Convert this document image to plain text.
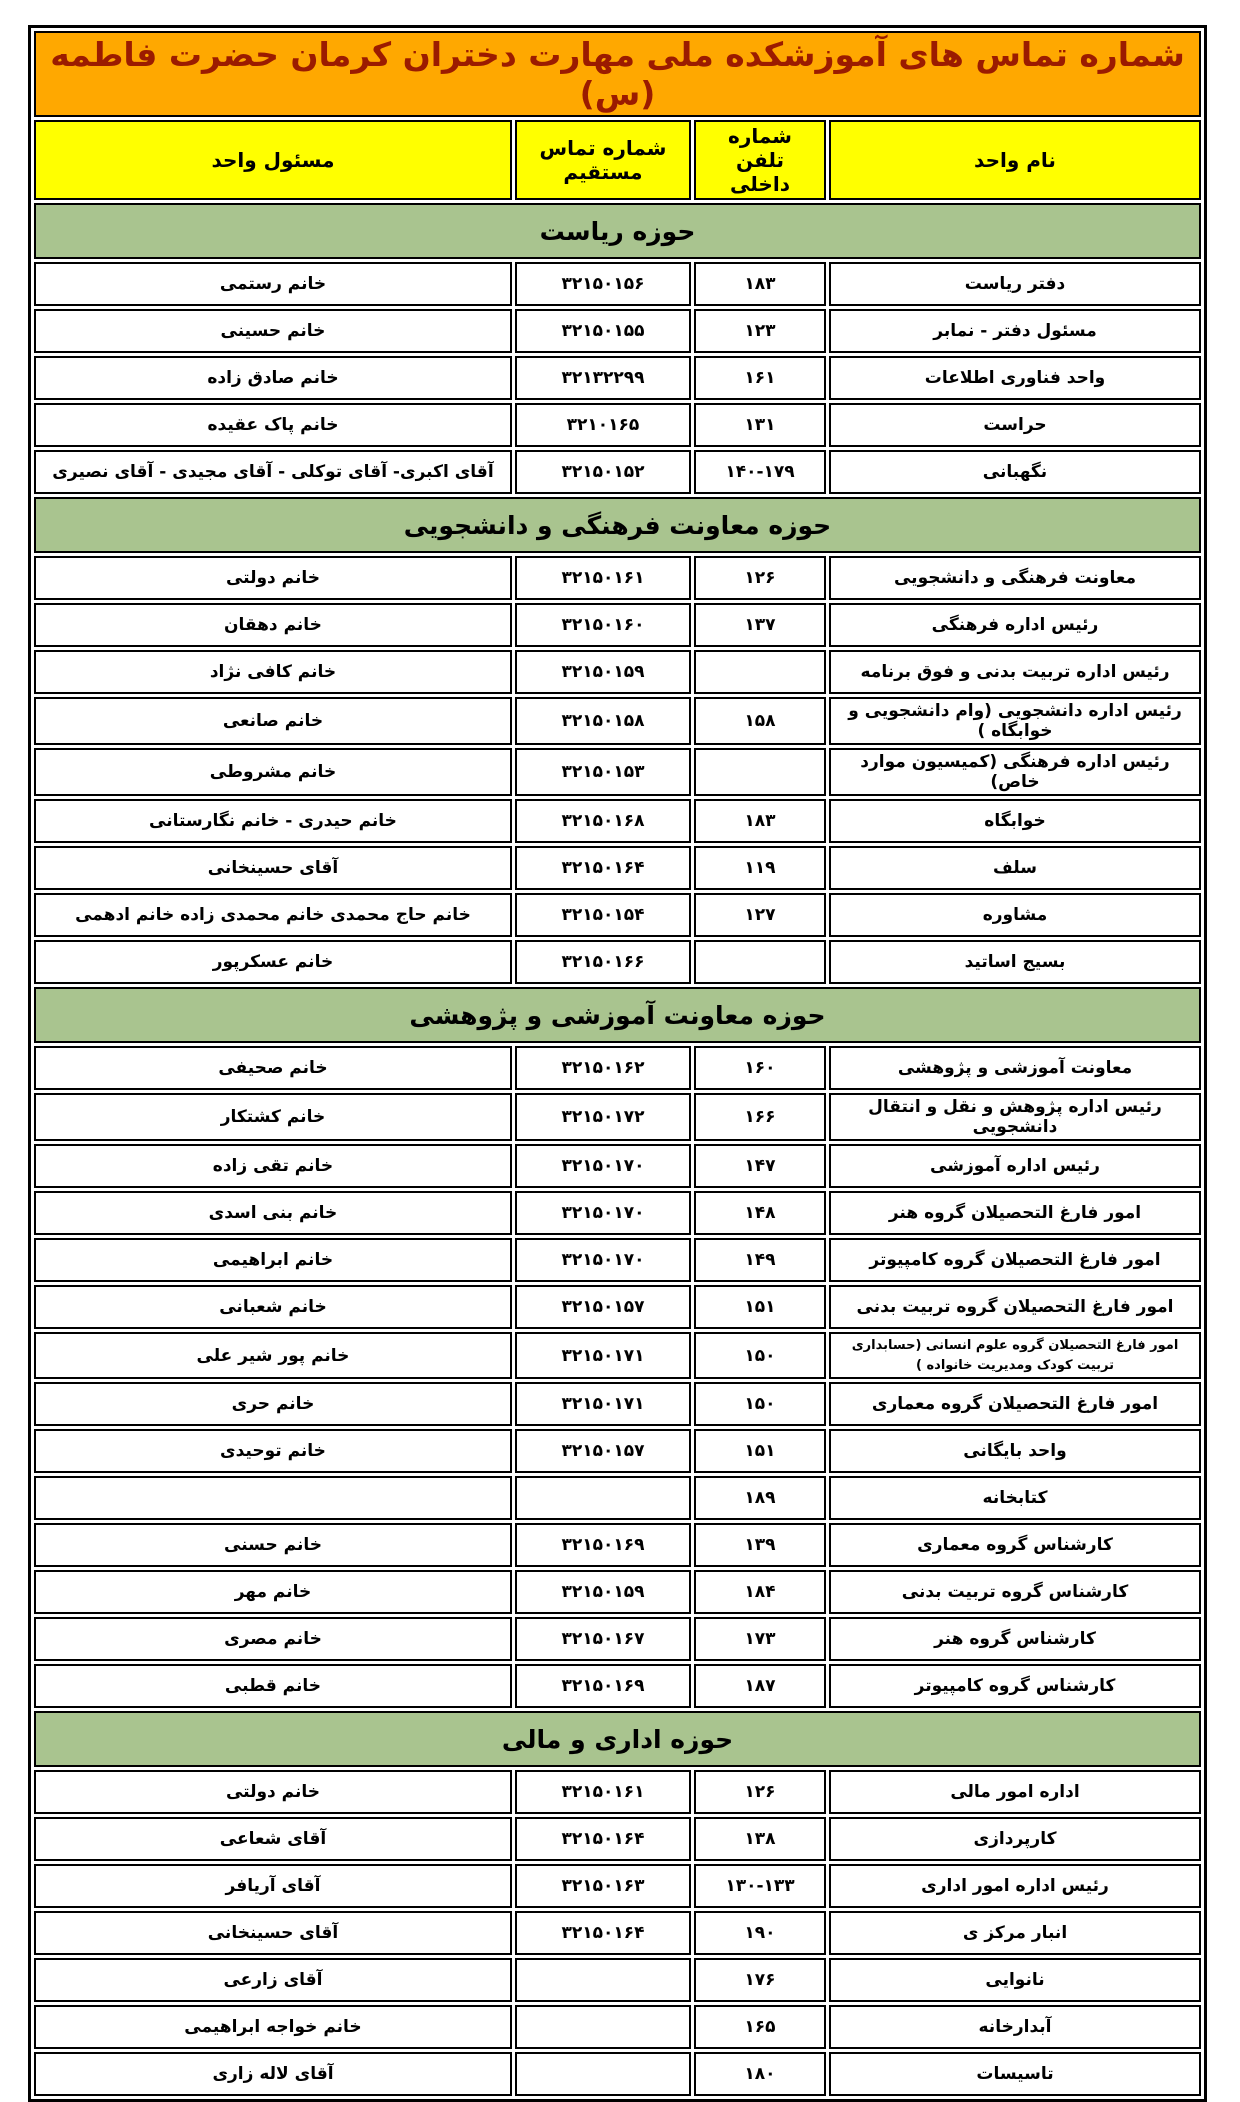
شماره تماس های آموزشکده ملی مهارت دختران کرمان حضرت فاطمه (س)			
نام واحد	شماره تلفن داخلی	شماره تماس مستقیم	مسئول واحد
حوزه ریاست			
دفتر ریاست	۱۸۳	۳۲۱۵۰۱۵۶	خانم رستمی
مسئول دفتر - نمابر	۱۲۳	۳۲۱۵۰۱۵۵	خانم حسینی
واحد فناوری اطلاعات	۱۶۱	۳۲۱۳۲۲۹۹	خانم صادق زاده
حراست	۱۳۱	۳۲۱۰۱۶۵	خانم پاک عقیده
نگهبانی	۱۴۰-۱۷۹	۳۲۱۵۰۱۵۲	آقای اکبری- آقای توکلی - آقای مجیدی - آقای نصیری
حوزه معاونت فرهنگی و دانشجویی			
معاونت فرهنگی و دانشجویی	۱۲۶	۳۲۱۵۰۱۶۱	خانم دولتی
رئیس اداره فرهنگی	۱۳۷	۳۲۱۵۰۱۶۰	خانم دهقان
رئیس اداره تربیت بدنی و فوق برنامه		۳۲۱۵۰۱۵۹	خانم کافی نژاد
رئیس اداره دانشجویی (وام دانشجویی و خوابگاه )	۱۵۸	۳۲۱۵۰۱۵۸	خانم صانعی
رئیس اداره فرهنگی (کمیسیون موارد خاص)		۳۲۱۵۰۱۵۳	خانم مشروطی
خوابگاه	۱۸۳	۳۲۱۵۰۱۶۸	خانم حیدری - خانم نگارستانی
سلف	۱۱۹	۳۲۱۵۰۱۶۴	آقای حسینخانی
مشاوره	۱۲۷	۳۲۱۵۰۱۵۴	خانم حاج محمدی خانم محمدی زاده خانم ادهمی
بسیج اساتید		۳۲۱۵۰۱۶۶	خانم عسکرپور
حوزه معاونت آموزشی و پژوهشی			
معاونت آموزشی و پژوهشی	۱۶۰	۳۲۱۵۰۱۶۲	خانم صحیفی
رئیس اداره پژوهش و نقل و انتقال دانشجویی	۱۶۶	۳۲۱۵۰۱۷۲	خانم کشتکار
رئیس اداره آموزشی	۱۴۷	۳۲۱۵۰۱۷۰	خانم تقی زاده
امور فارغ التحصیلان گروه هنر	۱۴۸	۳۲۱۵۰۱۷۰	خانم بنی اسدی
امور فارغ التحصیلان گروه کامپیوتر	۱۴۹	۳۲۱۵۰۱۷۰	خانم ابراهیمی
امور فارغ التحصیلان گروه تربیت بدنی	۱۵۱	۳۲۱۵۰۱۵۷	خانم شعبانی
امور فارغ التحصیلان گروه علوم انسانی (حسابداری تربیت کودک ومدیریت خانواده )	۱۵۰	۳۲۱۵۰۱۷۱	خانم پور شیر علی
امور فارغ التحصیلان گروه معماری	۱۵۰	۳۲۱۵۰۱۷۱	خانم حری
واحد بایگانی	۱۵۱	۳۲۱۵۰۱۵۷	خانم توحیدی
کتابخانه	۱۸۹		
کارشناس گروه معماری	۱۳۹	۳۲۱۵۰۱۶۹	خانم حسنی
کارشناس گروه تربیت بدنی	۱۸۴	۳۲۱۵۰۱۵۹	خانم مهر
کارشناس گروه هنر	۱۷۳	۳۲۱۵۰۱۶۷	خانم مصری
کارشناس گروه کامپیوتر	۱۸۷	۳۲۱۵۰۱۶۹	خانم قطبی
حوزه اداری و مالی			
اداره امور مالی	۱۲۶	۳۲۱۵۰۱۶۱	خانم دولتی
کارپردازی	۱۳۸	۳۲۱۵۰۱۶۴	آقای شعاعی
رئیس اداره امور اداری	۱۳۰-۱۳۳	۳۲۱۵۰۱۶۳	آقای آریافر
انبار مرکز ی	۱۹۰	۳۲۱۵۰۱۶۴	آقای حسینخانی
نانوایی	۱۷۶		آقای زارعی
آبدارخانه	۱۶۵		خانم خواجه ابراهیمی
تاسیسات	۱۸۰		آقای لاله زاری
